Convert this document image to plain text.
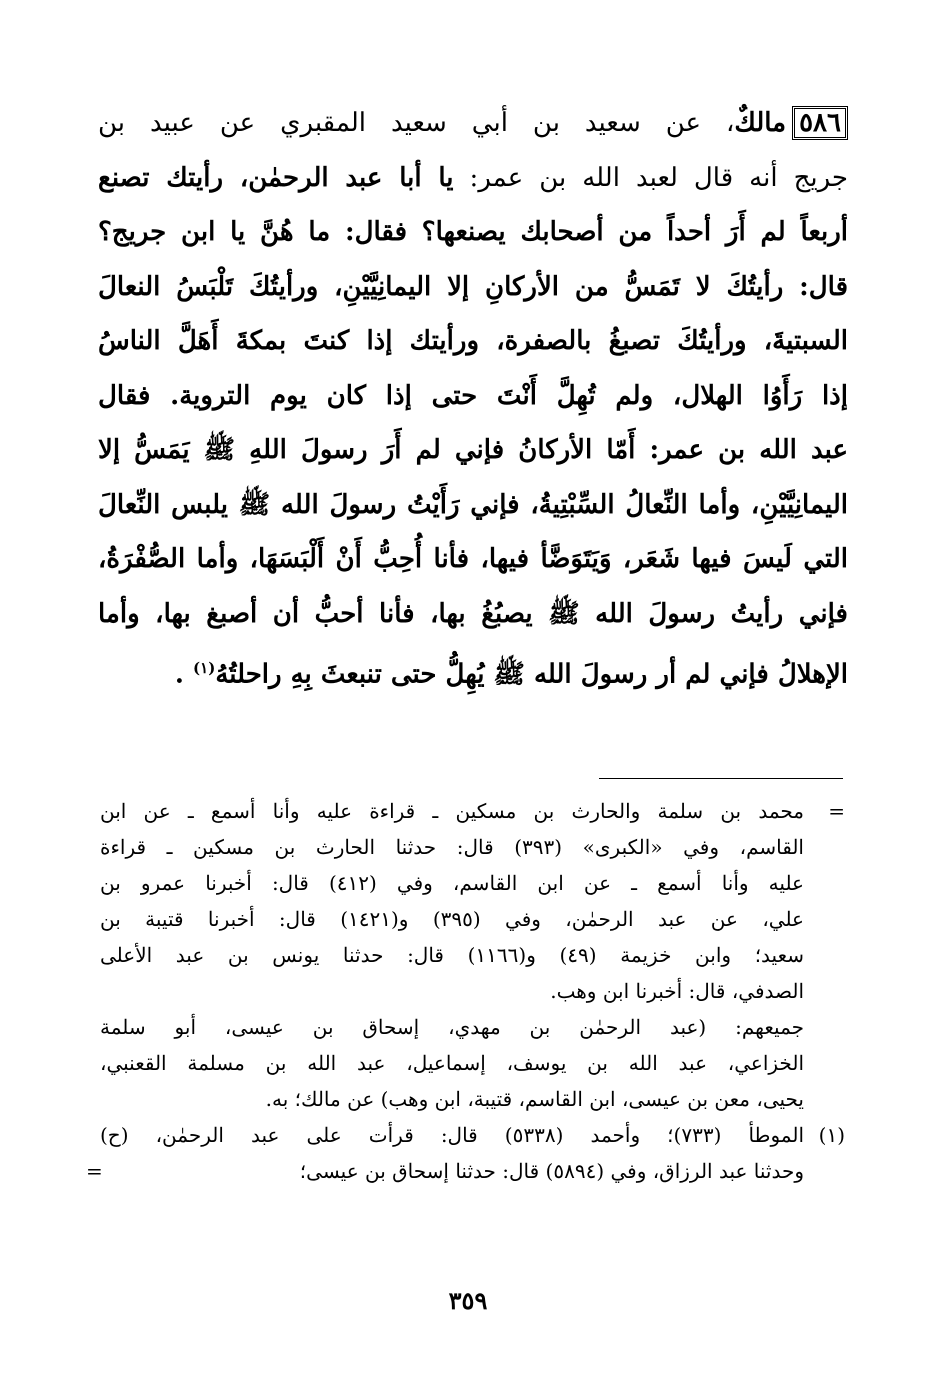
٥٨٦مالكٌ، عن سعيد بن أبي سعيد المقبري عن عبيد بن

جريج أنه قال لعبد الله بن عمر: يا أبا عبد الرحمٰن، رأيتك تصنع

أربعاً لم أَرَ أحداً من أصحابك يصنعها؟ فقال: ما هُنَّ يا ابن جريج؟

قال: رأيتُكَ لا تَمَسُّ من الأركانِ إلا اليمانِيَّيْنِ، ورأيتُكَ تَلْبَسُ النعالَ

السبتيةَ، ورأيتُكَ تصبغُ بالصفرة، ورأيتك إذا كنتَ بمكةَ أَهَلَّ الناسُ

إذا رَأَوُا الهلال، ولم تُهِلَّ أَنْتَ حتى إذا كان يوم التروية. فقال

عبد الله بن عمر: أَمّا الأركانُ فإني لم أَرَ رسولَ اللهِ ﷺ يَمَسُّ إلا

اليمانِيَّيْنِ، وأما النِّعالُ السِّبْتِيةُ، فإني رَأَيْتُ رسولَ الله ﷺ يلبس النِّعالَ

التي لَيسَ فيها شَعَر، وَيَتَوَضَّأ فيها، فأنا أُحِبُّ أَنْ أَلْبَسَهَا، وأما الصُّفْرَةُ،

فإني رأيتُ رسولَ الله ﷺ يصبُغُ بها، فأنا أحبُّ أن أصبغ بها، وأما

الإهلالُ فإني لم أر رسولَ الله ﷺ يُهِلُّ حتى تنبعثَ بِهِ راحلتُهُ$^{(١)}$ .

=
محمد بن سلمة والحارث بن مسكين ـ قراءة عليه وأنا أسمع ـ عن ابن

القاسم، وفي «الكبرى» (٣٩٣) قال: حدثنا الحارث بن مسكين ـ قراءة

عليه وأنا أسمع ـ عن ابن القاسم، وفي (٤١٢) قال: أخبرنا عمرو بن

علي، عن عبد الرحمٰن، وفي (٣٩٥) و(١٤٢١) قال: أخبرنا قتيبة بن

سعيد؛ وابن خزيمة (٤٩) و(١١٦٦) قال: حدثنا يونس بن عبد الأعلى

الصدفي، قال: أخبرنا ابن وهب.

جميعهم: (عبد الرحمٰن بن مهدي، إسحاق بن عيسى، أبو سلمة

الخزاعي، عبد الله بن يوسف، إسماعيل، عبد الله بن مسلمة القعنبي،

يحيى، معن بن عيسى، ابن القاسم، قتيبة، ابن وهب) عن مالك؛ به.

(١)
الموطأ (٧٣٣)؛ وأحمد (٥٣٣٨) قال: قرأت على عبد الرحمٰن، (ح)

وحدثنا عبد الرزاق، وفي (٥٨٩٤) قال: حدثنا إسحاق بن عيسى؛
=

٣٥٩
